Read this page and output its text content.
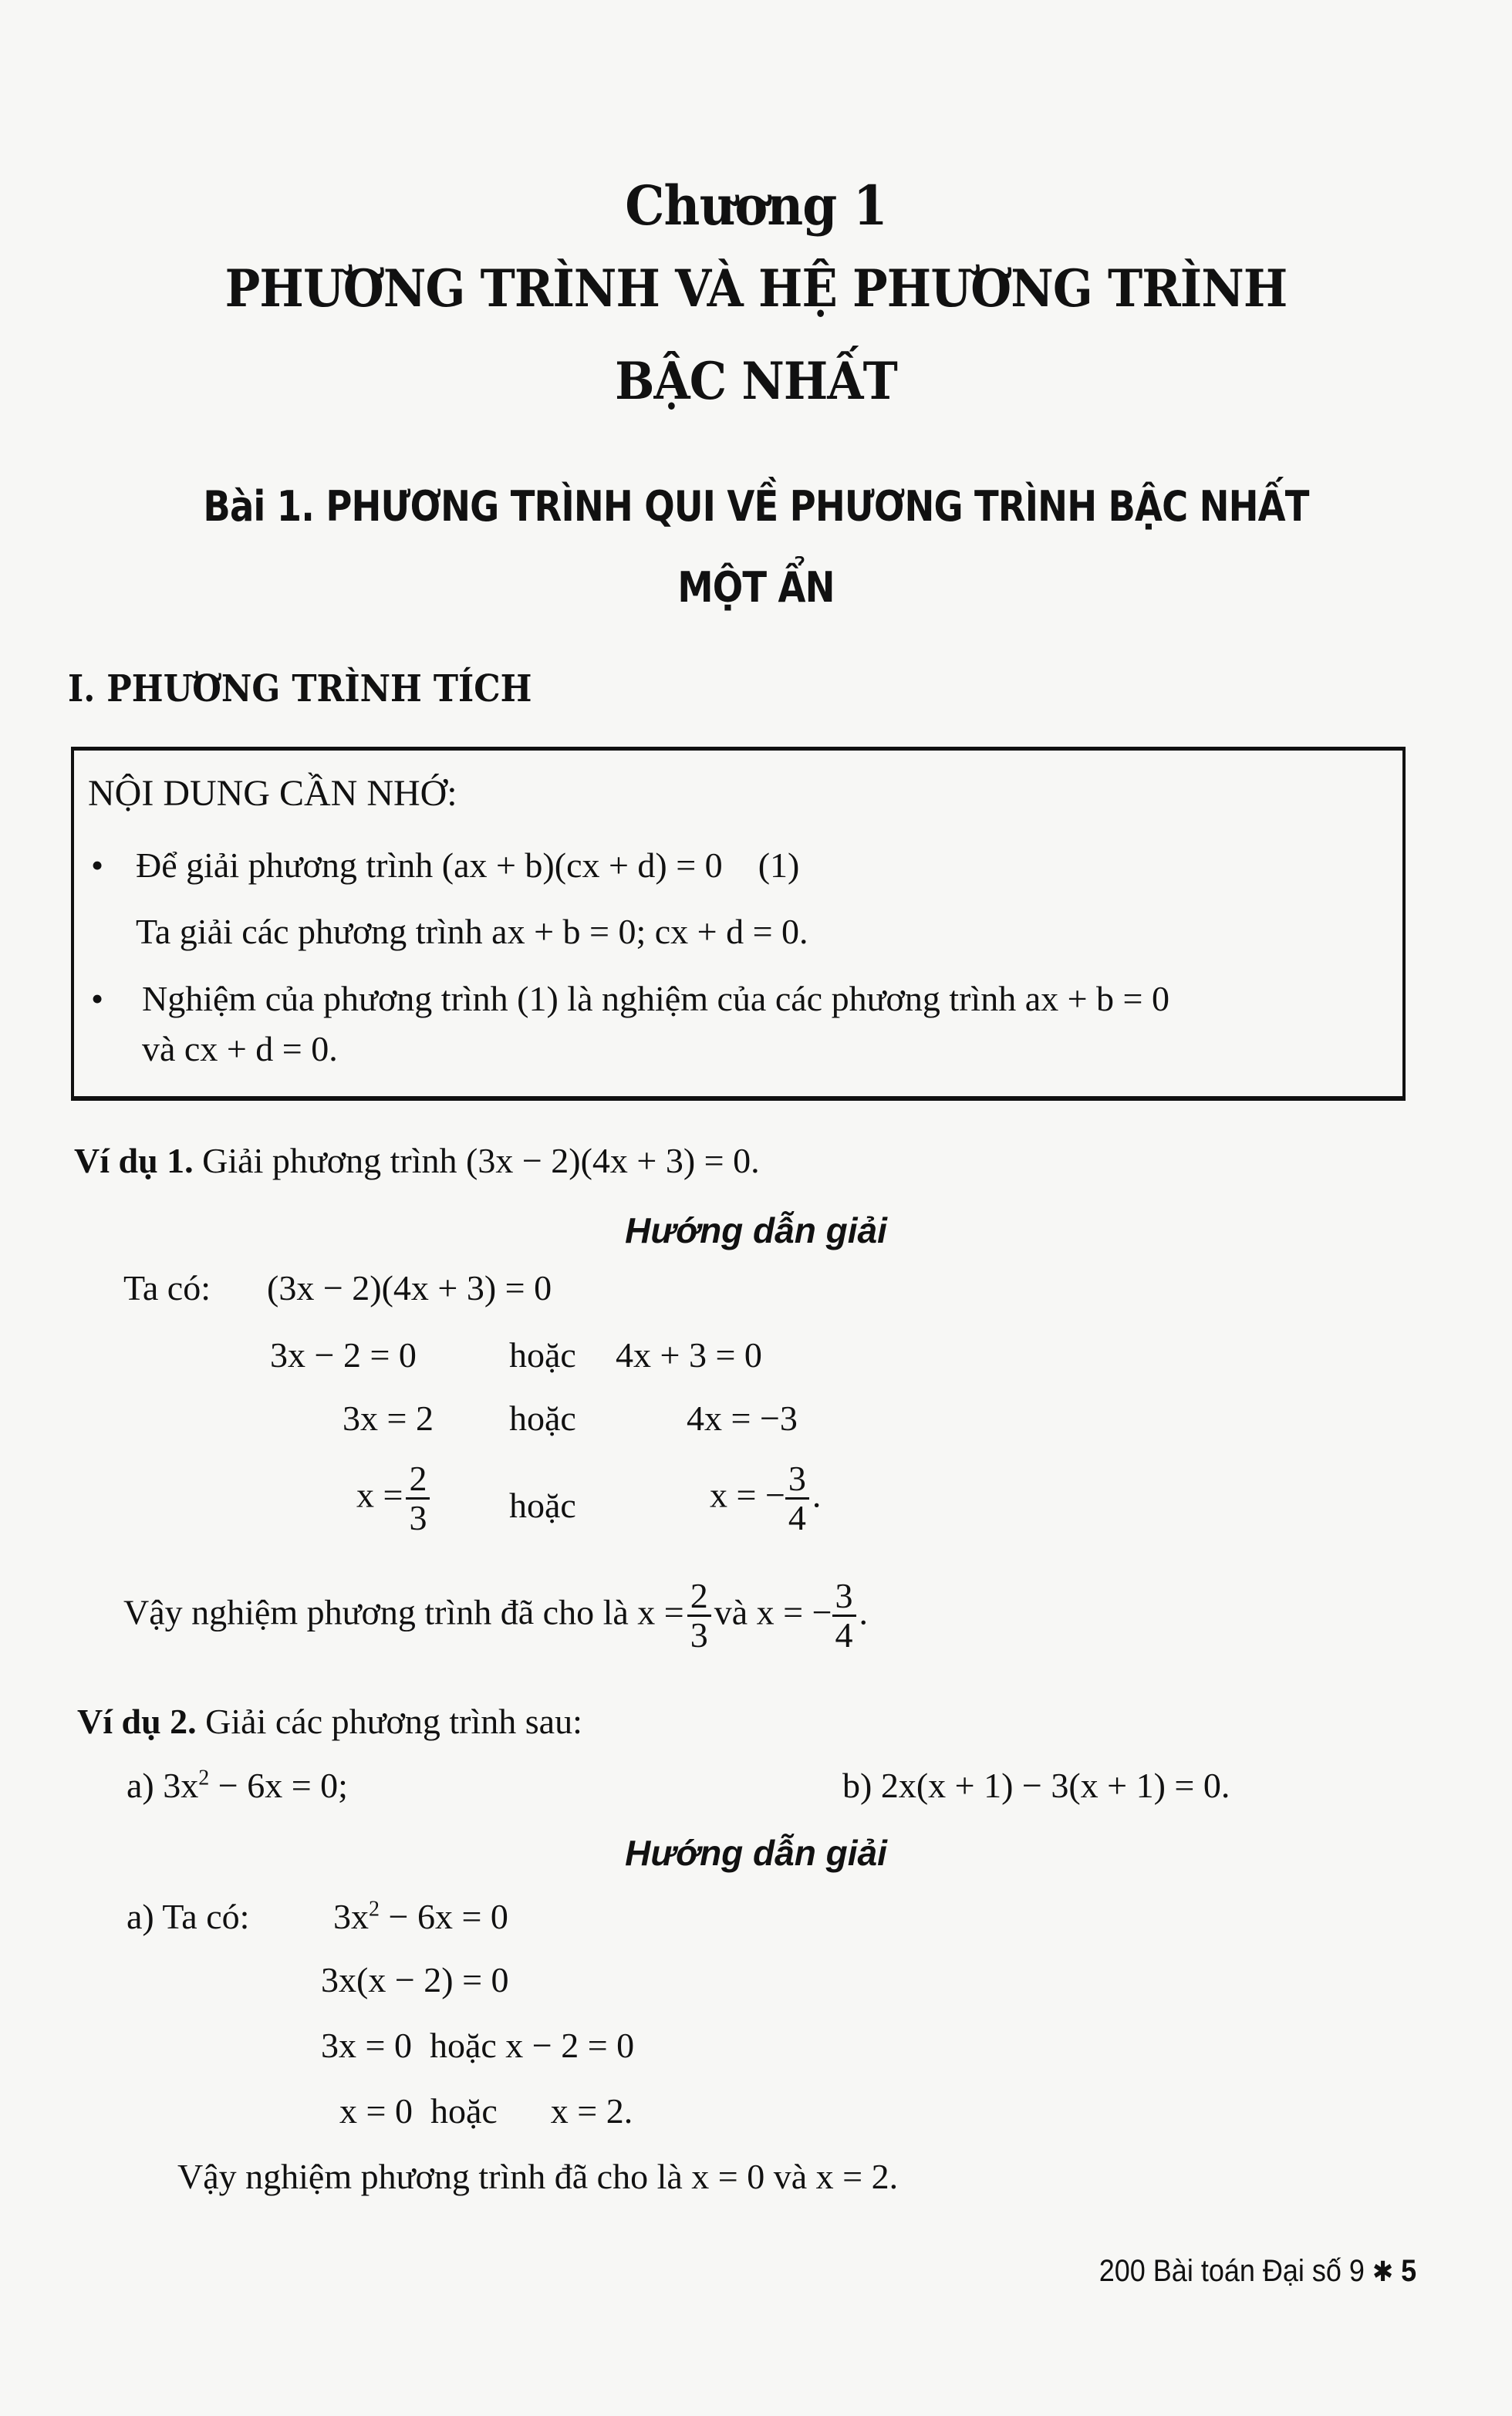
Chương 1
PHƯƠNG TRÌNH VÀ HỆ PHƯƠNG TRÌNH
BẬC NHẤT
Bài 1. PHƯƠNG TRÌNH QUI VỀ PHƯƠNG TRÌNH BẬC NHẤT
MỘT ẨN
I. PHƯƠNG TRÌNH TÍCH
NỘI DUNG CẦN NHỚ:
• Để giải phương trình (ax + b)(cx + d) = 0 (1)
Ta giải các phương trình ax + b = 0; cx + d = 0.
• Nghiệm của phương trình (1) là nghiệm của các phương trình ax + b = 0
và cx + d = 0.
Ví dụ 1. Giải phương trình (3x − 2)(4x + 3) = 0.
Hướng dẫn giải
Ta có: (3x − 2)(4x + 3) = 0
3x − 2 = 0	hoặc 4x + 3 = 0
3x = 2 hoặc	4x = −3
$x = \frac{2}{3}$ hoặc	x = − $\frac{3}{4}$ .
Vậy nghiệm phương trình đã cho là $x = \frac{2}{3}$ và x = − $\frac{3}{4}$ .
Ví dụ 2. Giải các phương trình sau:
a) $3x^2 - 6x = 0$;	b) 2x(x + 1) − 3(x + 1) = 0.
Hướng dẫn giải
a) Ta có: $3x^2 - 6x = 0$
3x(x − 2) = 0
3x = 0 hoặc x − 2 = 0
x = 0 hoặc x = 2.
Vậy nghiệm phương trình đã cho là x = 0 và x = 2.
200 Bài toán Đại số 9 ✱ 5
